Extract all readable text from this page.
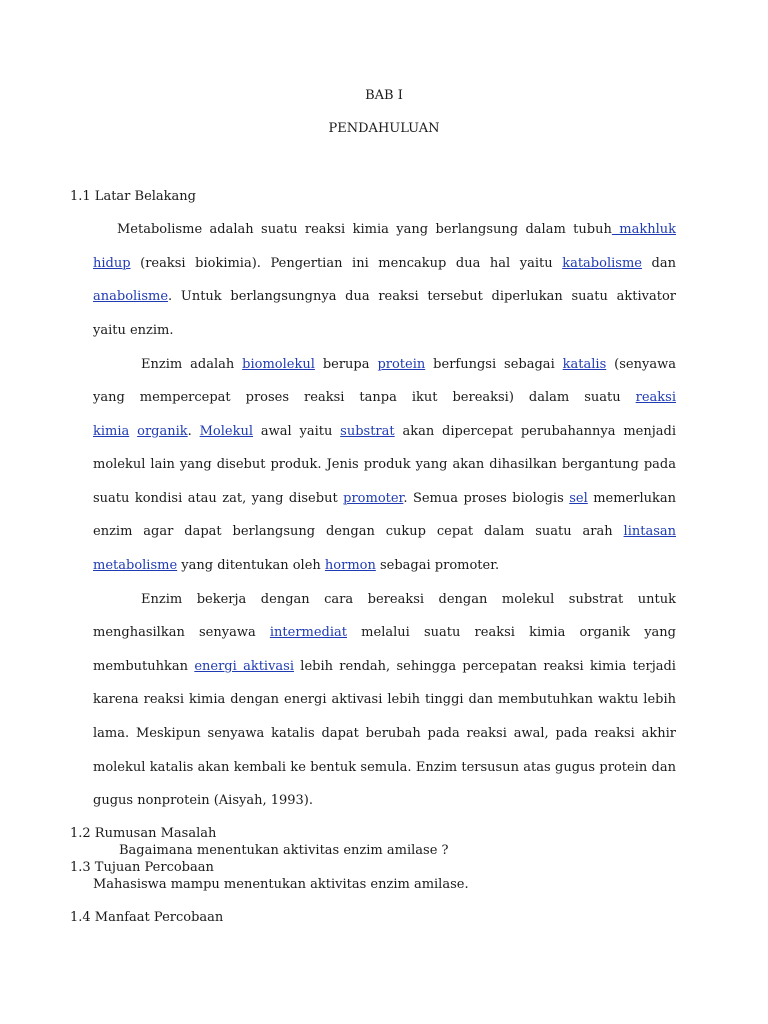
BAB I
PENDAHULUAN
1.1 Latar Belakang
Metabolisme adalah suatu reaksi kimia yang berlangsung dalam tubuh makhluk
hidup (reaksi biokimia). Pengertian ini mencakup dua hal yaitu katabolisme dan
anabolisme. Untuk berlangsungnya dua reaksi tersebut diperlukan suatu aktivator
yaitu enzim.
Enzim adalah biomolekul berupa protein berfungsi sebagai katalis (senyawa
yang mempercepat proses reaksi tanpa ikut bereaksi) dalam suatu reaksi
kimia organik. Molekul awal yaitu substrat akan dipercepat perubahannya menjadi
molekul lain yang disebut produk. Jenis produk yang akan dihasilkan bergantung pada
suatu kondisi atau zat, yang disebut promoter. Semua proses biologis sel memerlukan
enzim agar dapat berlangsung dengan cukup cepat dalam suatu arah lintasan
metabolisme yang ditentukan oleh hormon sebagai promoter.
Enzim bekerja dengan cara bereaksi dengan molekul substrat untuk
menghasilkan senyawa intermediat melalui suatu reaksi kimia organik yang
membutuhkan energi aktivasi lebih rendah, sehingga percepatan reaksi kimia terjadi
karena reaksi kimia dengan energi aktivasi lebih tinggi dan membutuhkan waktu lebih
lama. Meskipun senyawa katalis dapat berubah pada reaksi awal, pada reaksi akhir
molekul katalis akan kembali ke bentuk semula. Enzim tersusun atas gugus protein dan
gugus nonprotein (Aisyah, 1993).
1.2 Rumusan Masalah
Bagaimana menentukan aktivitas enzim amilase ?
1.3 Tujuan Percobaan
Mahasiswa mampu menentukan aktivitas enzim amilase.
1.4 Manfaat Percobaan
